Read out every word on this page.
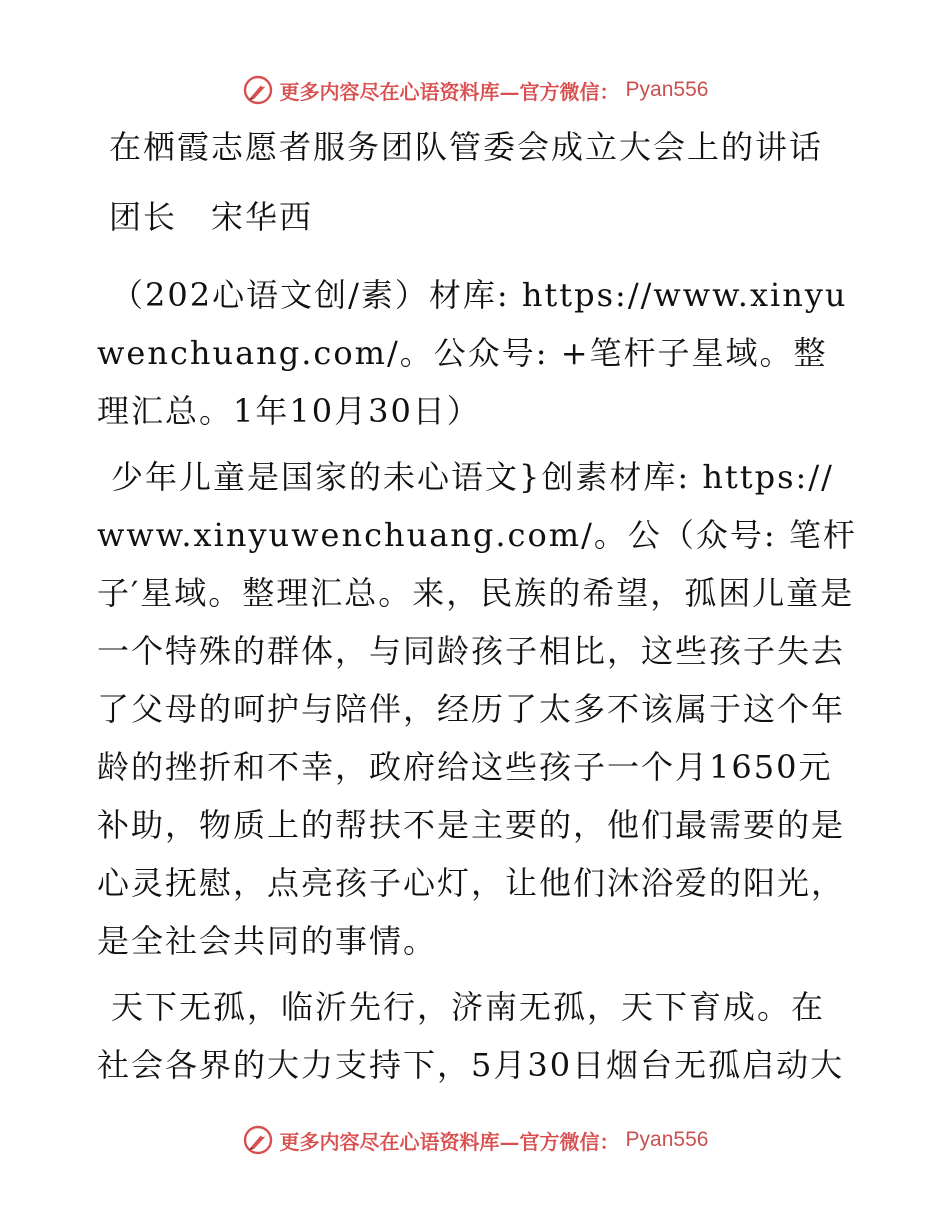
更多内容尽在心语资料库—官方微信： Pyan556

在栖霞志愿者服务团队管委会成立大会上的讲话

团长 宋华西

（202心语文创/素）材库: https://www.xinyuwenchuang.com/。公众号: +笔杆子星域。整理汇总。1年10月30日）

少年儿童是国家的未心语文}创素材库: https://www.xinyuwenchuang.com/。公（众号: 笔杆子′星域。整理汇总。来，民族的希望，孤困儿童是一个特殊的群体，与同龄孩子相比，这些孩子失去了父母的呵护与陪伴，经历了太多不该属于这个年龄的挫折和不幸，政府给这些孩子一个月1650元补助，物质上的帮扶不是主要的，他们最需要的是心灵抚慰，点亮孩子心灯，让他们沐浴爱的阳光，是全社会共同的事情。

天下无孤，临沂先行，济南无孤，天下育成。在社会各界的大力支持下，5月30日烟台无孤启动大

更多内容尽在心语资料库—官方微信： Pyan556
